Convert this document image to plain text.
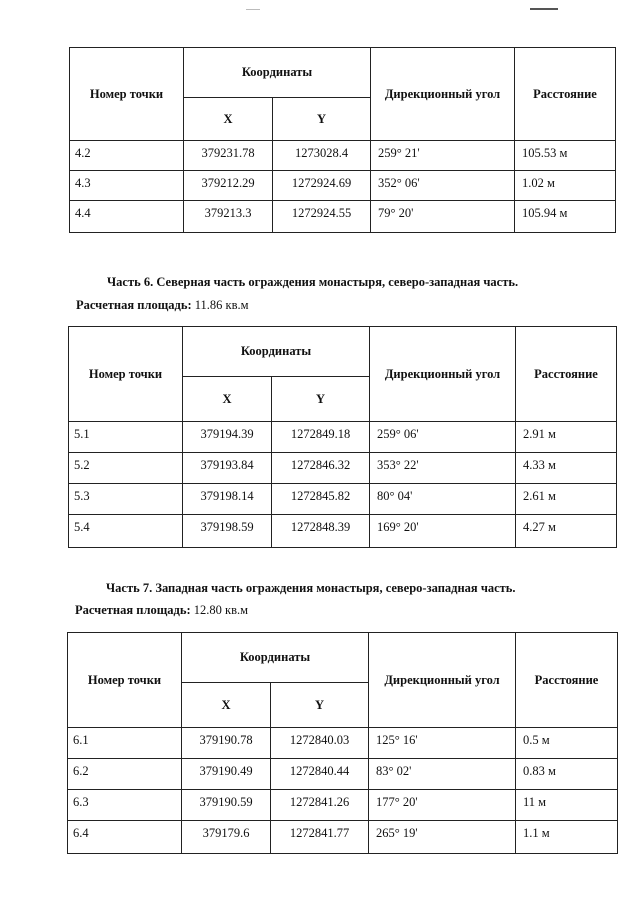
Номер точки	Координаты		Дирекционный угол	Расстояние
	X	Y		
4.2	379231.78	1273028.4	259° 21'	105.53 м
4.3	379212.29	1272924.69	352° 06'	1.02 м
4.4	379213.3	1272924.55	79° 20'	105.94 м
Часть 6. Северная часть ограждения монастыря, северо-западная часть.
Расчетная площадь: 11.86 кв.м
Номер точки	Координаты		Дирекционный угол	Расстояние
	X	Y		
5.1	379194.39	1272849.18	259° 06'	2.91 м
5.2	379193.84	1272846.32	353° 22'	4.33 м
5.3	379198.14	1272845.82	80° 04'	2.61 м
5.4	379198.59	1272848.39	169° 20'	4.27 м
Часть 7. Западная часть ограждения монастыря, северо-западная часть.
Расчетная площадь: 12.80 кв.м
Номер точки	Координаты		Дирекционный угол	Расстояние
	X	Y		
6.1	379190.78	1272840.03	125° 16'	0.5 м
6.2	379190.49	1272840.44	83° 02'	0.83 м
6.3	379190.59	1272841.26	177° 20'	11 м
6.4	379179.6	1272841.77	265° 19'	1.1 м
